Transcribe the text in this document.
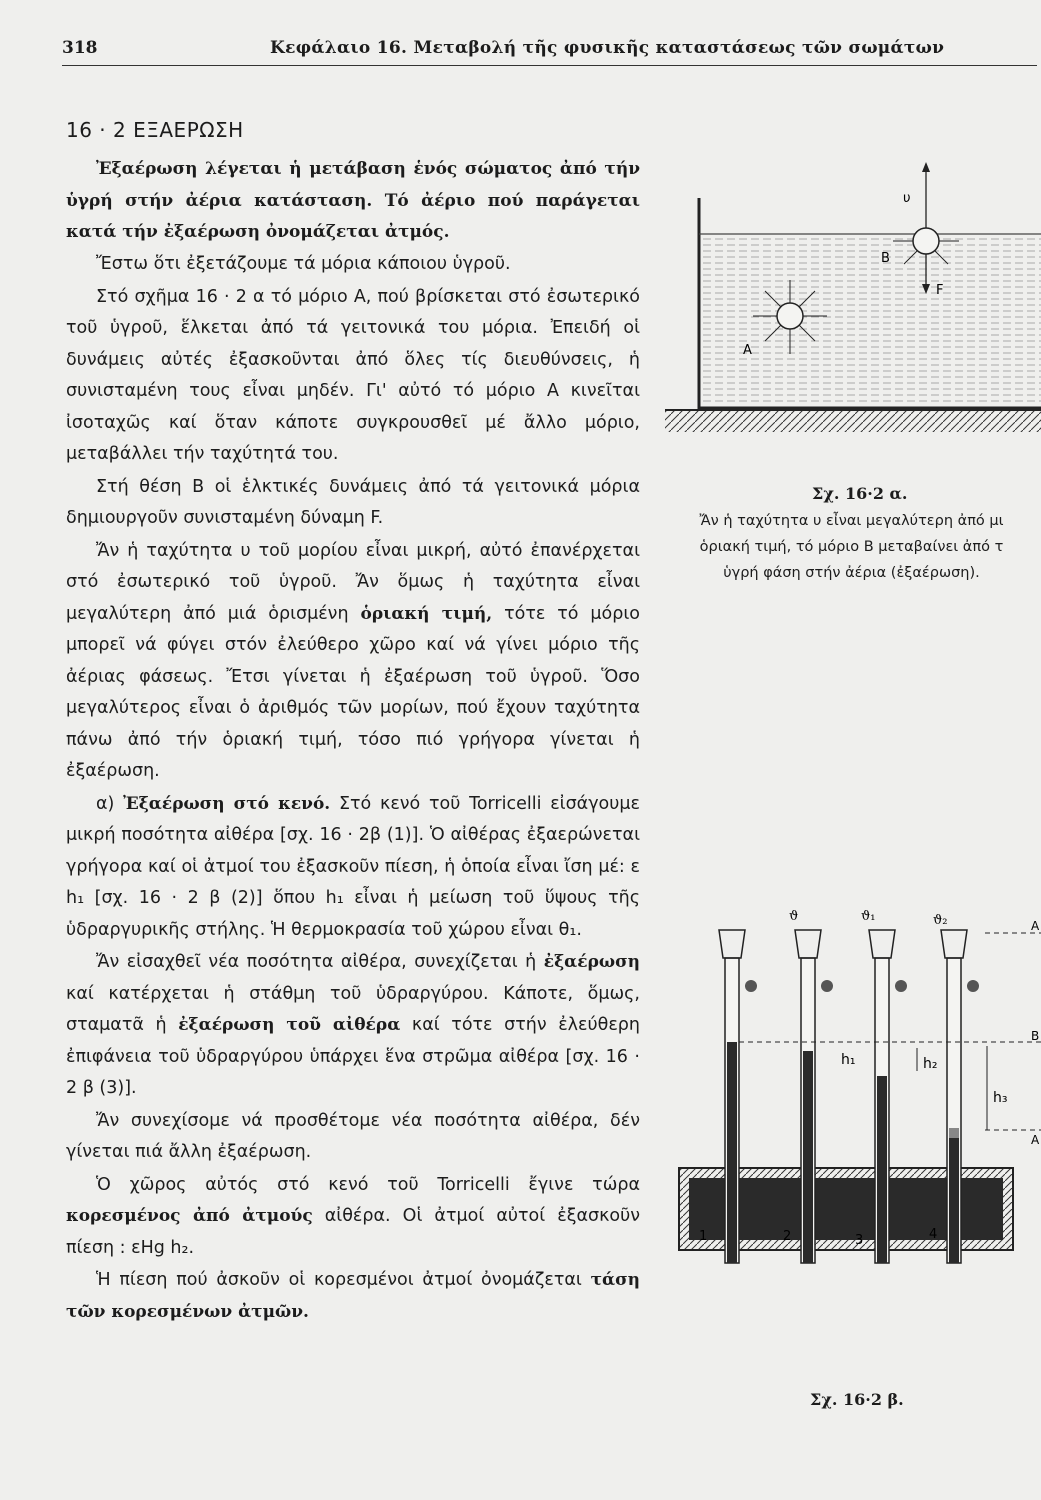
318	Κεφάλαιο 16. Μεταβολή τῆς φυσικῆς καταστάσεως τῶν σωμάτων
16 · 2 ΕΞΑΕΡΩΣΗ

Ἐξαέρωση λέγεται ἡ μετάβαση ἑνός σώματος ἀπό τήν ὑγρή στήν ἀέρια κατάσταση. Τό ἀέριο πού παράγεται κατά τήν ἐξαέρωση ὀνομάζεται ἀτμός.

Ἔστω ὅτι ἐξετάζουμε τά μόρια κάποιου ὑγροῦ.

Στό σχῆμα 16 · 2 α τό μόριο Α, πού βρίσκεται στό ἐσωτερικό τοῦ ὑγροῦ, ἕλκεται ἀπό τά γειτονικά του μόρια. Ἐπειδή οἱ δυνάμεις αὐτές ἐξασκοῦνται ἀπό ὅλες τίς διευθύνσεις, ἡ συνισταμένη τους εἶναι μηδέν. Γι' αὐτό τό μόριο Α κινεῖται ἰσοταχῶς καί ὅταν κάποτε συγκρουσθεῖ μέ ἄλλο μόριο, μεταβάλλει τήν ταχύτητά του.

Στή θέση Β οἱ ἑλκτικές δυνάμεις ἀπό τά γειτονικά μόρια δημιουργοῦν συνισταμένη δύναμη F.

Ἄν ἡ ταχύτητα υ τοῦ μορίου εἶναι μικρή, αὐτό ἐπανέρχεται στό ἐσωτερικό τοῦ ὑγροῦ. Ἄν ὅμως ἡ ταχύτητα εἶναι μεγαλύτερη ἀπό μιά ὁρισμένη ὁριακή τιμή, τότε τό μόριο μπορεῖ νά φύγει στόν ἐλεύθερο χῶρο καί νά γίνει μόριο τῆς ἀέριας φάσεως. Ἔτσι γίνεται ἡ ἐξαέρωση τοῦ ὑγροῦ. Ὅσο μεγαλύτερος εἶναι ὁ ἀριθμός τῶν μορίων, πού ἔχουν ταχύτητα πάνω ἀπό τήν ὁριακή τιμή, τόσο πιό γρήγορα γίνεται ἡ ἐξαέρωση.

α) Ἐξαέρωση στό κενό. Στό κενό τοῦ Torricelli εἰσάγουμε μικρή ποσότητα αἰθέρα [σχ. 16 · 2β (1)]. Ὁ αἰθέρας ἐξαερώνεται γρήγορα καί οἱ ἀτμοί του ἐξασκοῦν πίεση, ἡ ὁποία εἶναι ἴση μέ: ε h₁ [σχ. 16 · 2 β (2)] ὅπου h₁ εἶναι ἡ μείωση τοῦ ὕψους τῆς ὑδραργυρικῆς στήλης. Ἡ θερμοκρασία τοῦ χώρου εἶναι θ₁.

Ἄν εἰσαχθεῖ νέα ποσότητα αἰθέρα, συνεχίζεται ἡ ἐξαέρωση καί κατέρχεται ἡ στάθμη τοῦ ὑδραργύρου. Κάποτε, ὅμως, σταματᾶ ἡ ἐξαέρωση τοῦ αἰθέρα καί τότε στήν ἐλεύθερη ἐπιφάνεια τοῦ ὑδραργύρου ὑπάρχει ἕνα στρῶμα αἰθέρα [σχ. 16 · 2 β (3)].

Ἄν συνεχίσομε νά προσθέτομε νέα ποσότητα αἰθέρα, δέν γίνεται πιά ἄλλη ἐξαέρωση.

Ὁ χῶρος αὐτός στό κενό τοῦ Torricelli ἔγινε τώρα κορεσμένος ἀπό ἀτμούς αἰθέρα. Οἱ ἀτμοί αὐτοί ἐξασκοῦν πίεση : εHg h₂.

Ἡ πίεση πού ἀσκοῦν οἱ κορεσμένοι ἀτμοί ὀνομάζεται τάση τῶν κορεσμένων ἀτμῶν.

υ
B
F
A
Σχ. 16·2 α.
Ἄν ἡ ταχύτητα υ εἶναι μεγαλύτερη ἀπό μι
ὁριακή τιμή, τό μόριο Β μεταβαίνει ἀπό τ
ὑγρή φάση στήν ἀέρια (ἐξαέρωση).
ϑ	ϑ₁	ϑ₂
h₁	h₂
h₃
B
A
A
1	2	3	4
Σχ. 16·2 β.
